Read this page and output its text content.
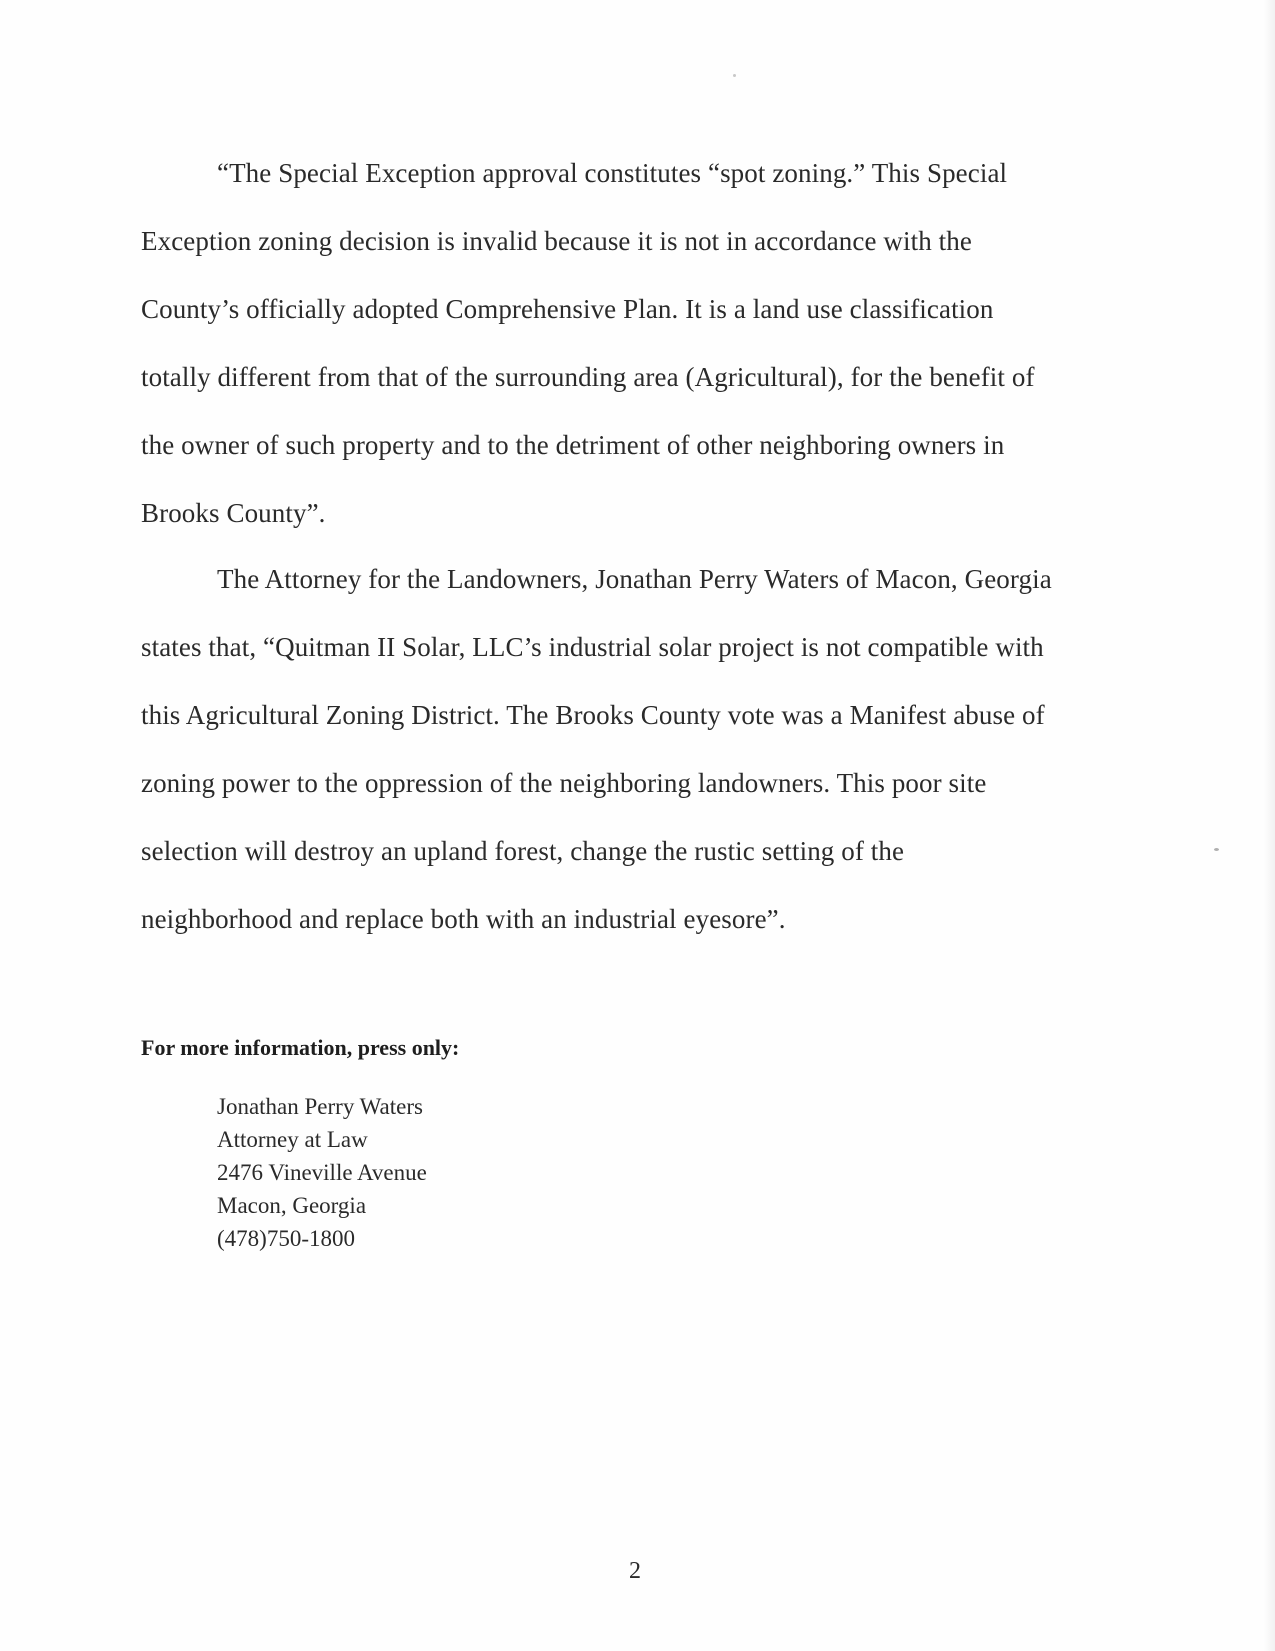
“The Special Exception approval constitutes “spot zoning.” This Special
Exception zoning decision is invalid because it is not in accordance with the
County’s officially adopted Comprehensive Plan. It is a land use classification
totally different from that of the surrounding area (Agricultural), for the benefit of
the owner of such property and to the detriment of other neighboring owners in
Brooks County”.
The Attorney for the Landowners, Jonathan Perry Waters of Macon, Georgia
states that, “Quitman II Solar, LLC’s industrial solar project is not compatible with
this Agricultural Zoning District. The Brooks County vote was a Manifest abuse of
zoning power to the oppression of the neighboring landowners. This poor site
selection will destroy an upland forest, change the rustic setting of the
neighborhood and replace both with an industrial eyesore”.
For more information, press only:
Jonathan Perry Waters
Attorney at Law
2476 Vineville Avenue
Macon, Georgia
(478)750-1800
2
